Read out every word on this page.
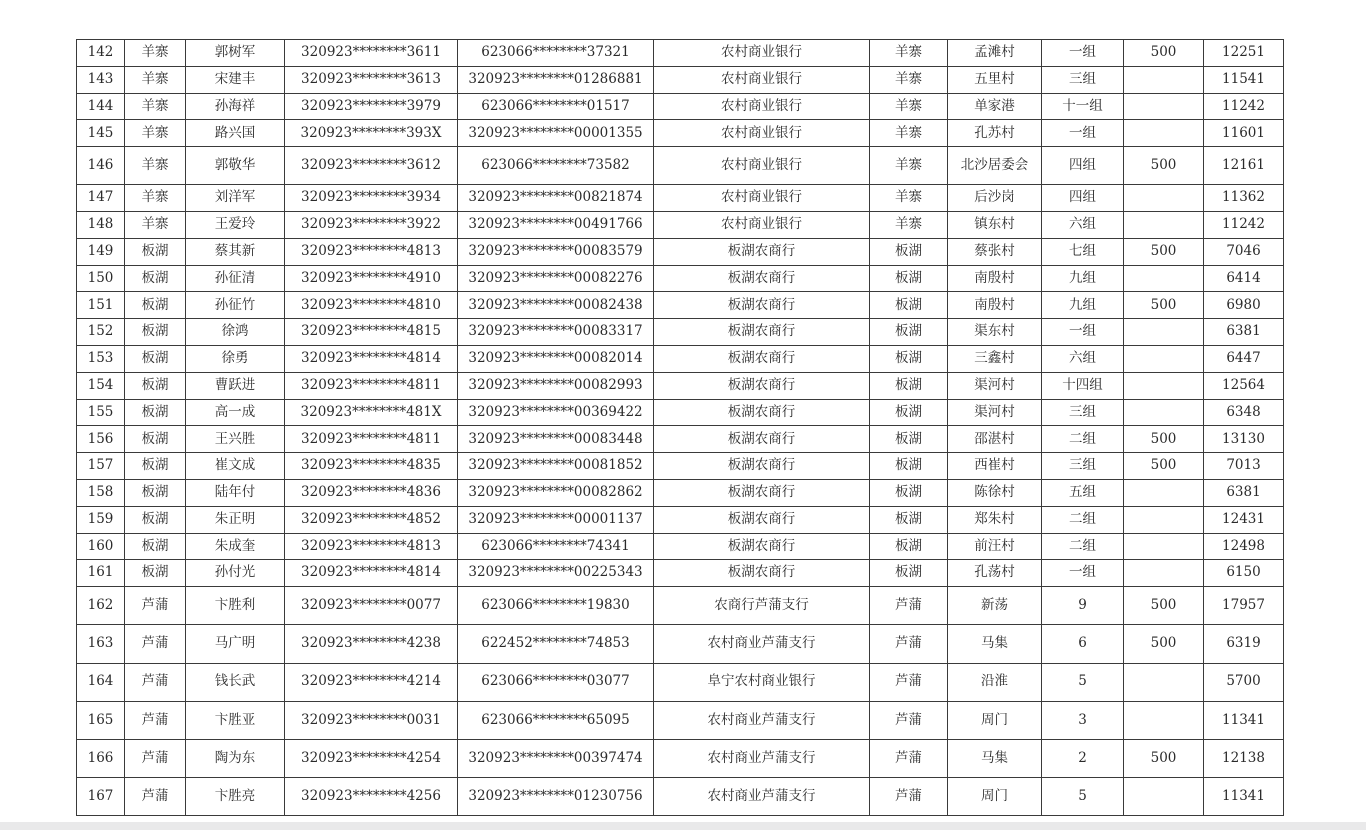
142	羊寨	郭树军	320923********3611	623066********37321	农村商业银行	羊寨	孟滩村	一组	500	12251
143	羊寨	宋建丰	320923********3613	320923********01286881	农村商业银行	羊寨	五里村	三组		11541
144	羊寨	孙海祥	320923********3979	623066********01517	农村商业银行	羊寨	单家港	十一组		11242
145	羊寨	路兴国	320923********393X	320923********00001355	农村商业银行	羊寨	孔苏村	一组		11601
146	羊寨	郭敬华	320923********3612	623066********73582	农村商业银行	羊寨	北沙居委会	四组	500	12161
147	羊寨	刘洋军	320923********3934	320923********00821874	农村商业银行	羊寨	后沙岗	四组		11362
148	羊寨	王爱玲	320923********3922	320923********00491766	农村商业银行	羊寨	镇东村	六组		11242
149	板湖	蔡其新	320923********4813	320923********00083579	板湖农商行	板湖	蔡张村	七组	500	7046
150	板湖	孙征清	320923********4910	320923********00082276	板湖农商行	板湖	南殷村	九组		6414
151	板湖	孙征竹	320923********4810	320923********00082438	板湖农商行	板湖	南殷村	九组	500	6980
152	板湖	徐鸿	320923********4815	320923********00083317	板湖农商行	板湖	渠东村	一组		6381
153	板湖	徐勇	320923********4814	320923********00082014	板湖农商行	板湖	三鑫村	六组		6447
154	板湖	曹跃进	320923********4811	320923********00082993	板湖农商行	板湖	渠河村	十四组		12564
155	板湖	高一成	320923********481X	320923********00369422	板湖农商行	板湖	渠河村	三组		6348
156	板湖	王兴胜	320923********4811	320923********00083448	板湖农商行	板湖	邵湛村	二组	500	13130
157	板湖	崔文成	320923********4835	320923********00081852	板湖农商行	板湖	西崔村	三组	500	7013
158	板湖	陆年付	320923********4836	320923********00082862	板湖农商行	板湖	陈徐村	五组		6381
159	板湖	朱正明	320923********4852	320923********00001137	板湖农商行	板湖	郑朱村	二组		12431
160	板湖	朱成奎	320923********4813	623066********74341	板湖农商行	板湖	前汪村	二组		12498
161	板湖	孙付光	320923********4814	320923********00225343	板湖农商行	板湖	孔荡村	一组		6150
162	芦蒲	卞胜利	320923********0077	623066********19830	农商行芦蒲支行	芦蒲	新荡	9	500	17957
163	芦蒲	马广明	320923********4238	622452********74853	农村商业芦蒲支行	芦蒲	马集	6	500	6319
164	芦蒲	钱长武	320923********4214	623066********03077	阜宁农村商业银行	芦蒲	沿淮	5		5700
165	芦蒲	卞胜亚	320923********0031	623066********65095	农村商业芦蒲支行	芦蒲	周门	3		11341
166	芦蒲	陶为东	320923********4254	320923********00397474	农村商业芦蒲支行	芦蒲	马集	2	500	12138
167	芦蒲	卞胜亮	320923********4256	320923********01230756	农村商业芦蒲支行	芦蒲	周门	5		11341
